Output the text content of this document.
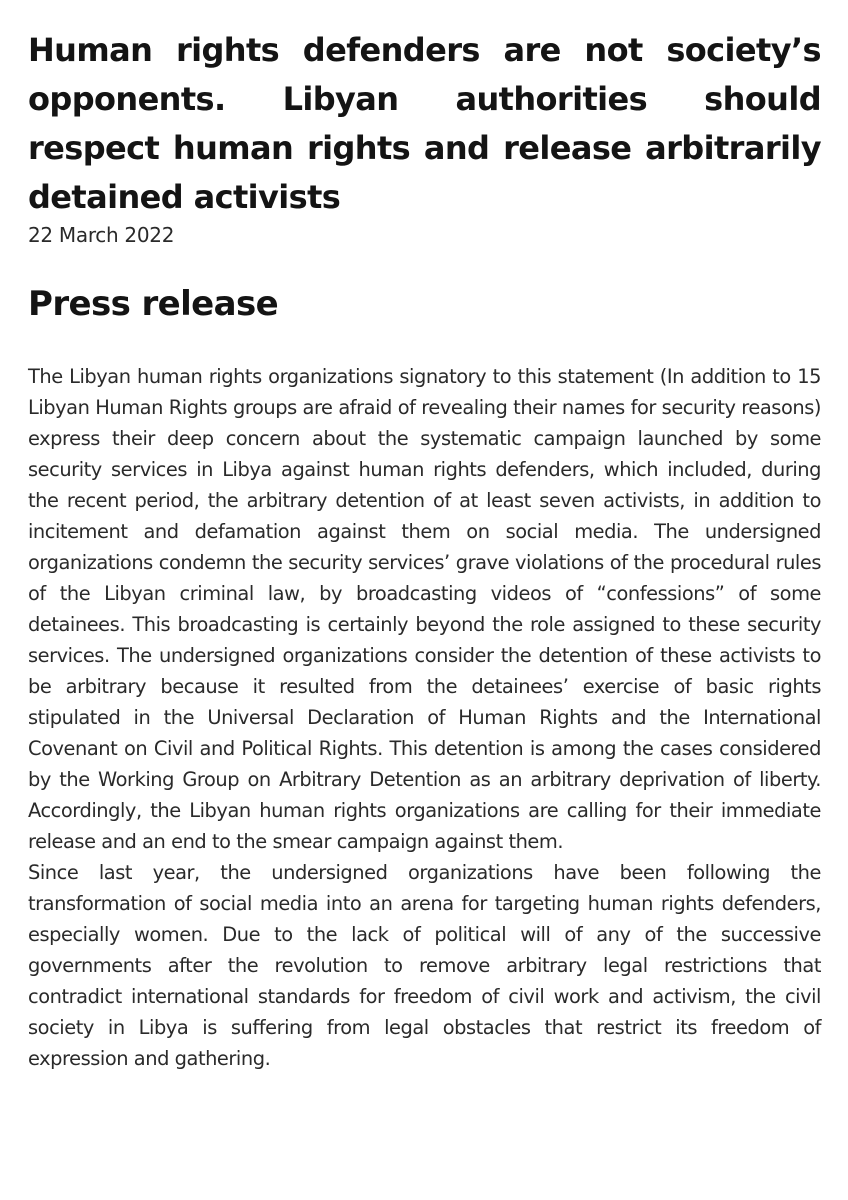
Human rights defenders are not society’s opponents. Libyan authorities should respect human rights and release arbitrarily detained activists
22 March 2022
Press release

The Libyan human rights organizations signatory to this statement (In addition to 15 Libyan Human Rights groups are afraid of revealing their names for security reasons) express their deep concern about the systematic campaign launched by some security services in Libya against human rights defenders, which included, during the recent period, the arbitrary detention of at least seven activists, in addition to incitement and defamation against them on social media. The undersigned organizations condemn the security services’ grave violations of the procedural rules of the Libyan criminal law, by broadcasting videos of “confessions” of some detainees. This broadcasting is certainly beyond the role assigned to these security services. The undersigned organizations consider the detention of these activists to be arbitrary because it resulted from the detainees’ exercise of basic rights stipulated in the Universal Declaration of Human Rights and the International Covenant on Civil and Political Rights. This detention is among the cases considered by the Working Group on Arbitrary Detention as an arbitrary deprivation of liberty. Accordingly, the Libyan human rights organizations are calling for their immediate release and an end to the smear campaign against them.

Since last year, the undersigned organizations have been following the transformation of social media into an arena for targeting human rights defenders, especially women. Due to the lack of political will of any of the successive governments after the revolution to remove arbitrary legal restrictions that contradict international standards for freedom of civil work and activism, the civil society in Libya is suffering from legal obstacles that restrict its freedom of expression and gathering.
